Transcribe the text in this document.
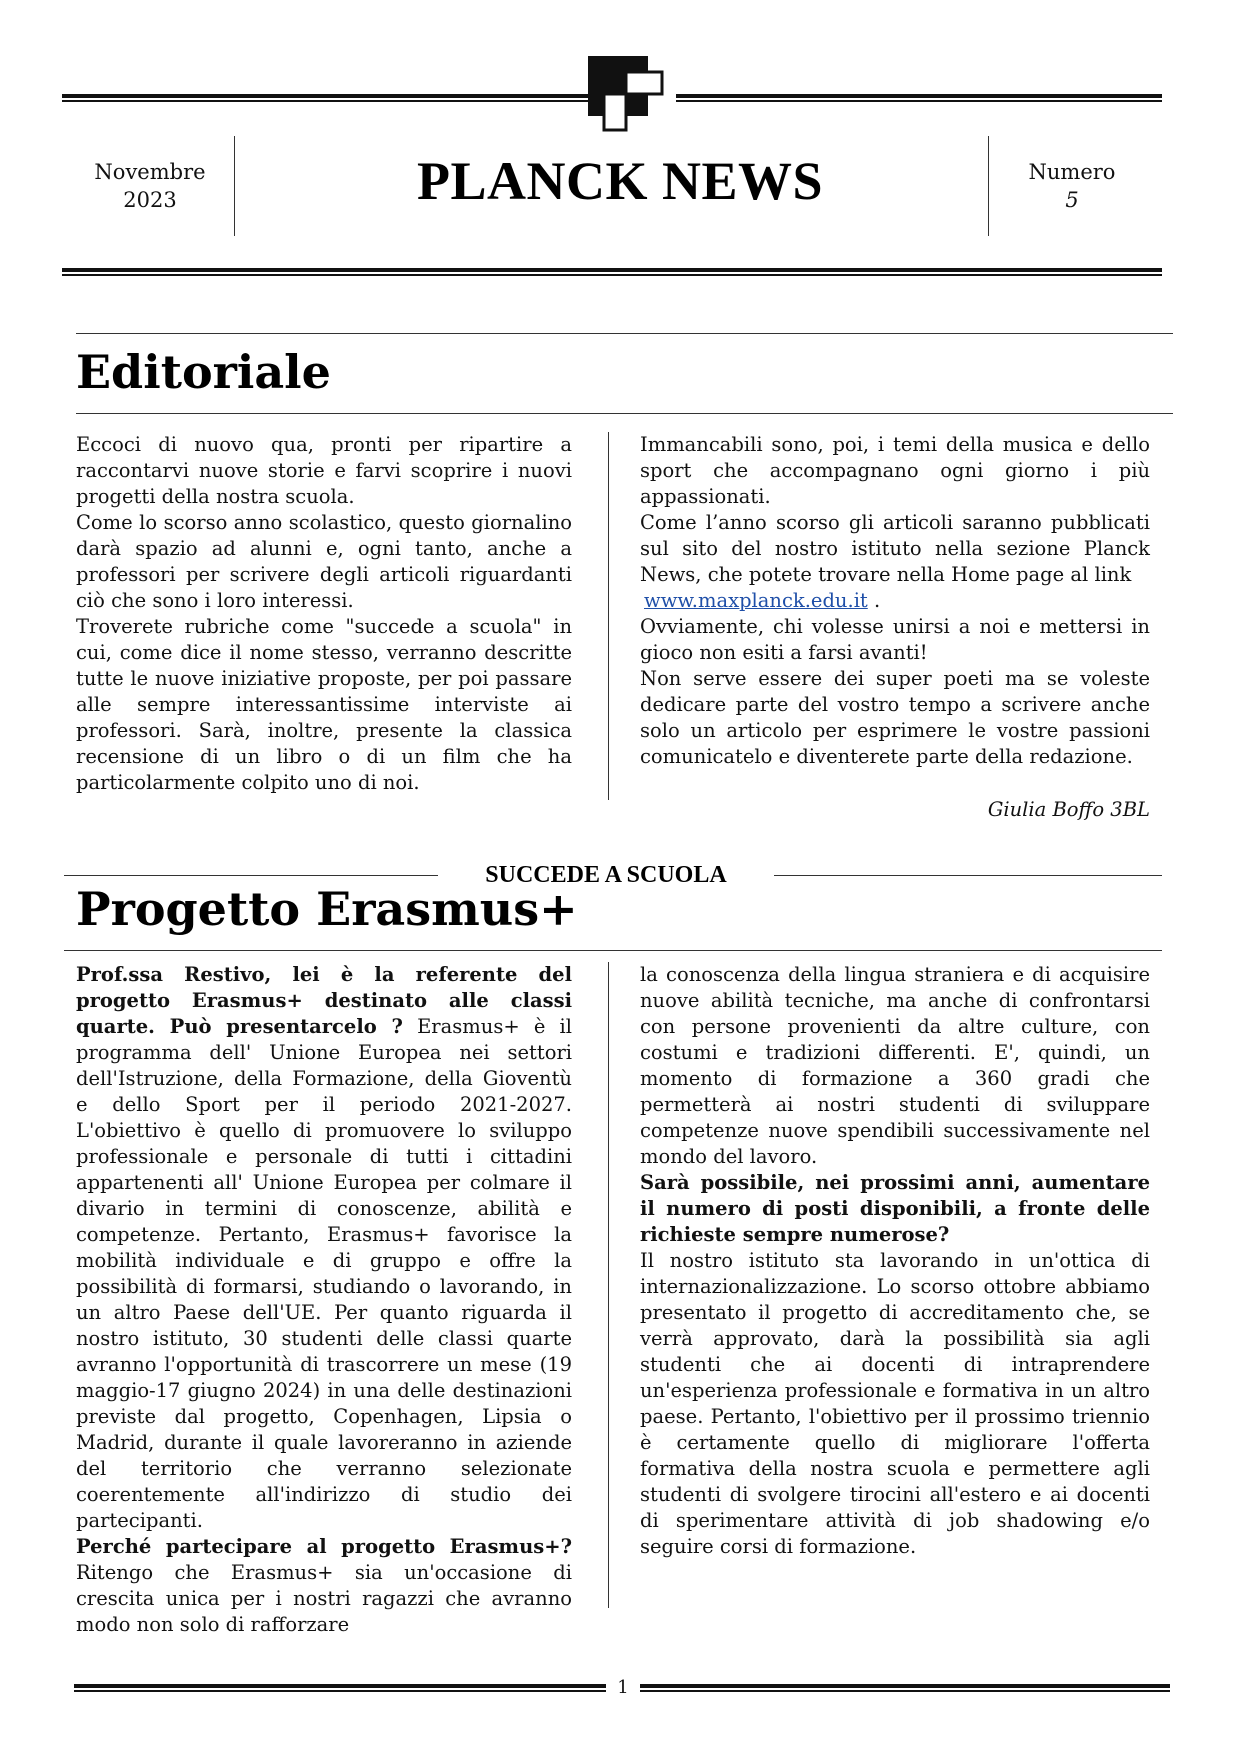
Novembre
2023	PLANCK NEWS	Numero
5
Editoriale

Eccoci di nuovo qua, pronti per ripartire a raccontarvi nuove storie e farvi scoprire i nuovi progetti della nostra scuola.

Come lo scorso anno scolastico, questo giornalino darà spazio ad alunni e, ogni tanto, anche a professori per scrivere degli articoli riguardanti ciò che sono i loro interessi.

Troverete rubriche come "succede a scuola" in cui, come dice il nome stesso, verranno descritte tutte le nuove iniziative proposte, per poi passare alle sempre interessantissime interviste ai professori. Sarà, inoltre, presente la classica recensione di un libro o di un film che ha particolarmente colpito uno di noi.

Immancabili sono, poi, i temi della musica e dello sport che accompagnano ogni giorno i più appassionati.

Come l’anno scorso gli articoli saranno pubblicati sul sito del nostro istituto nella sezione Planck News, che potete trovare nella Home page al link
www.maxplanck.edu.it .

Ovviamente, chi volesse unirsi a noi e mettersi in gioco non esiti a farsi avanti!

Non serve essere dei super poeti ma se voleste dedicare parte del vostro tempo a scrivere anche solo un articolo per esprimere le vostre passioni comunicatelo e diventerete parte della redazione.

Giulia Boffo 3BL
SUCCEDE A SCUOLA
Progetto Erasmus+

Prof.ssa Restivo, lei è la referente del progetto Erasmus+ destinato alle classi quarte. Può presentarcelo ? Erasmus+ è il programma dell' Unione Europea nei settori dell'Istruzione, della Formazione, della Gioventù e dello Sport per il periodo 2021-2027. L'obiettivo è quello di promuovere lo sviluppo professionale e personale di tutti i cittadini appartenenti all' Unione Europea per colmare il divario in termini di conoscenze, abilità e competenze. Pertanto, Erasmus+ favorisce la mobilità individuale e di gruppo e offre la possibilità di formarsi, studiando o lavorando, in un altro Paese dell'UE. Per quanto riguarda il nostro istituto, 30 studenti delle classi quarte avranno l'opportunità di trascorrere un mese (19 maggio-17 giugno 2024) in una delle destinazioni previste dal progetto, Copenhagen, Lipsia o Madrid, durante il quale lavoreranno in aziende del territorio che verranno selezionate coerentemente all'indirizzo di studio dei partecipanti.

Perché partecipare al progetto Erasmus+? Ritengo che Erasmus+ sia un'occasione di crescita unica per i nostri ragazzi che avranno modo non solo di rafforzare

la conoscenza della lingua straniera e di acquisire nuove abilità tecniche, ma anche di confrontarsi con persone provenienti da altre culture, con costumi e tradizioni differenti. E', quindi, un momento di formazione a 360 gradi che permetterà ai nostri studenti di sviluppare competenze nuove spendibili successivamente nel mondo del lavoro.

Sarà possibile, nei prossimi anni, aumentare il numero di posti disponibili, a fronte delle richieste sempre numerose?

Il nostro istituto sta lavorando in un'ottica di internazionalizzazione. Lo scorso ottobre abbiamo presentato il progetto di accreditamento che, se verrà approvato, darà la possibilità sia agli studenti che ai docenti di intraprendere un'esperienza professionale e formativa in un altro paese. Pertanto, l'obiettivo per il prossimo triennio è certamente quello di migliorare l'offerta formativa della nostra scuola e permettere agli studenti di svolgere tirocini all'estero e ai docenti di sperimentare attività di job shadowing e/o seguire corsi di formazione.

1
